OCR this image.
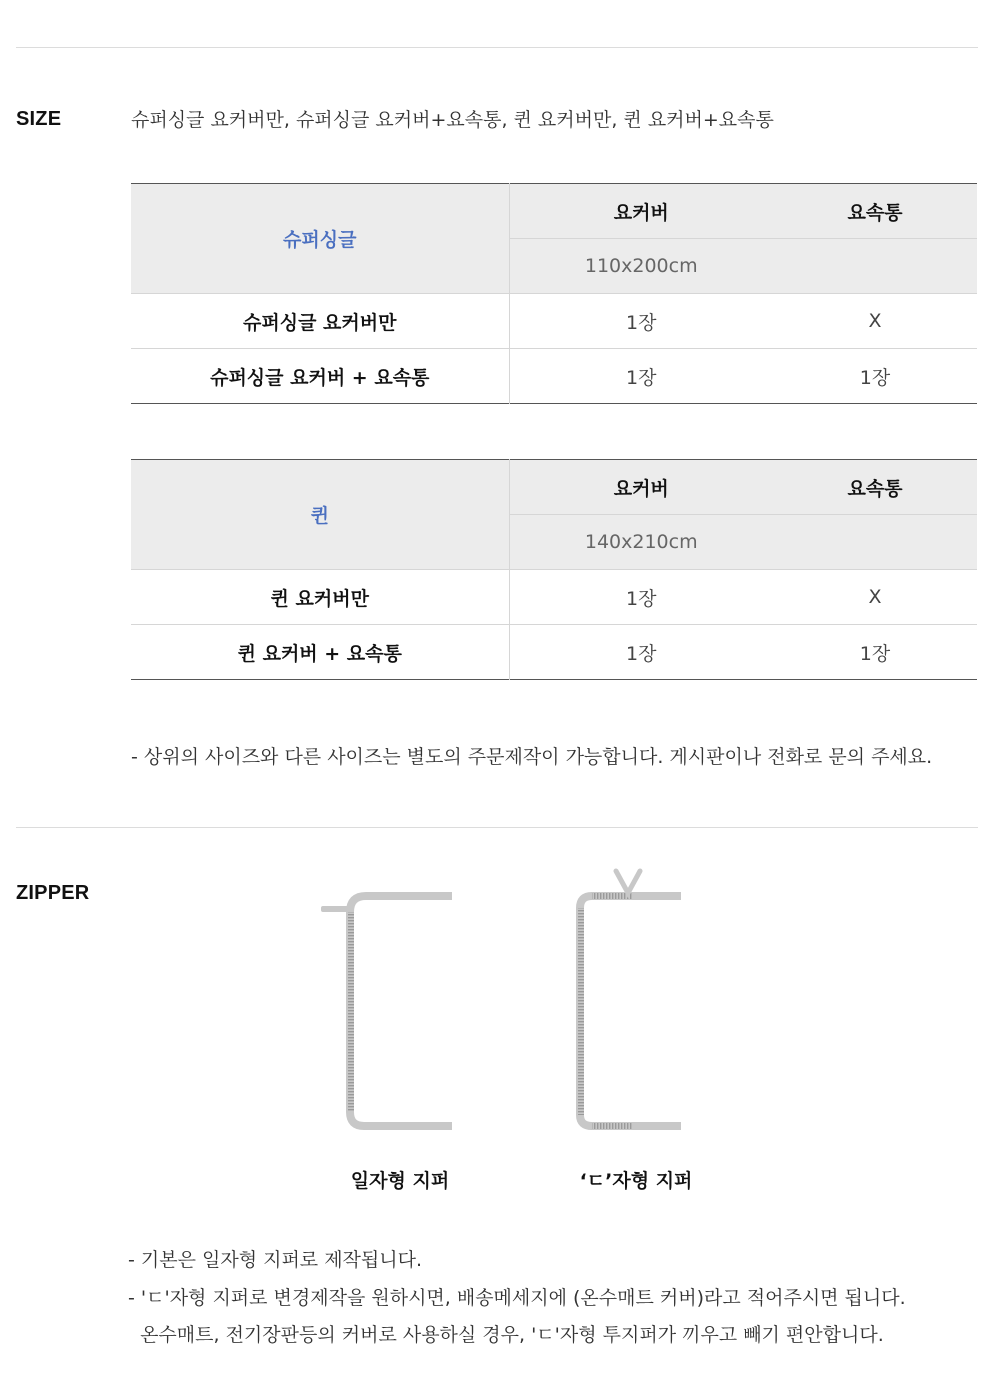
SIZE	슈퍼싱글 요커버만, 슈퍼싱글 요커버+요속통, 퀸 요커버만, 퀸 요커버+요속통
슈퍼싱글	요커버	요속통
	110x200cm	
슈퍼싱글 요커버만	1장	X
슈퍼싱글 요커버 + 요속통	1장	1장
퀸	요커버	요속통
	140x210cm	
퀸 요커버만	1장	X
퀸 요커버 + 요속통	1장	1장
- 상위의 사이즈와 다른 사이즈는 별도의 주문제작이 가능합니다. 게시판이나 전화로 문의 주세요.
ZIPPER
일자형 지퍼	‘ㄷ’자형 지퍼
- 기본은 일자형 지퍼로 제작됩니다.
- 'ㄷ'자형 지퍼로 변경제작을 원하시면, 배송메세지에 (온수매트 커버)라고 적어주시면 됩니다.
온수매트, 전기장판등의 커버로 사용하실 경우, 'ㄷ'자형 투지퍼가 끼우고 빼기 편안합니다.
